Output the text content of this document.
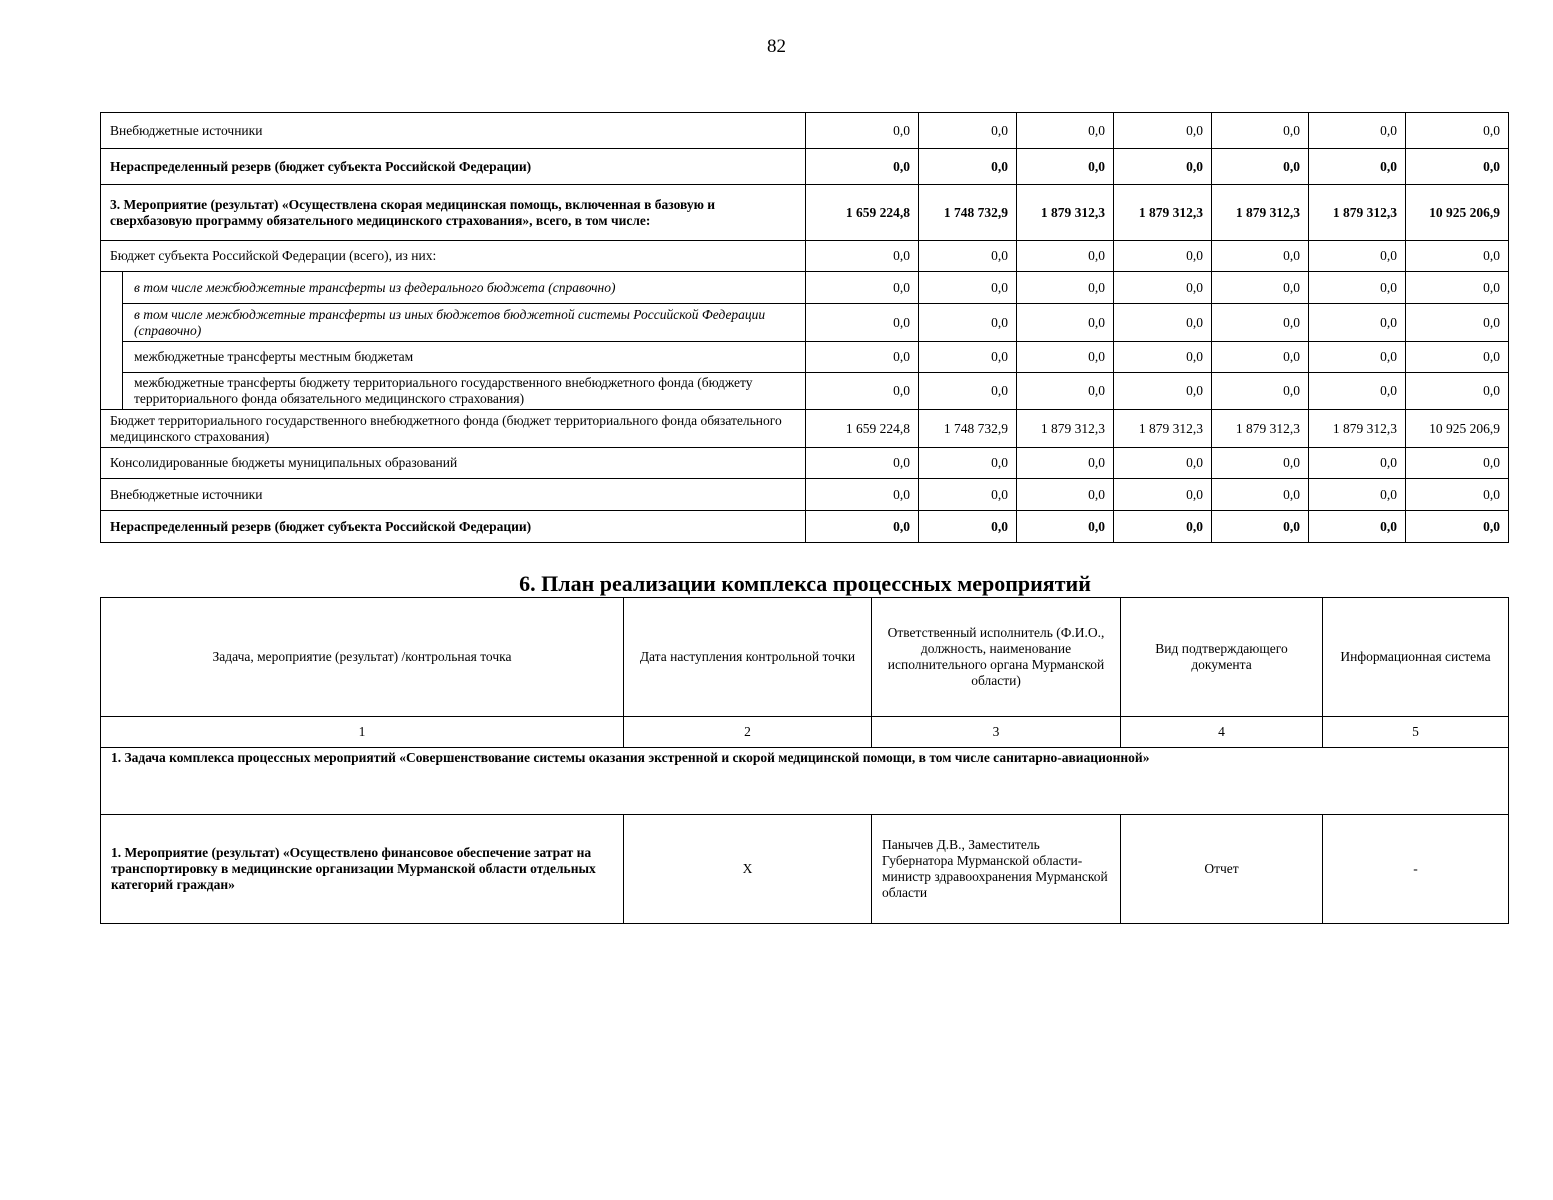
82
Внебюджетные источники		0,0	0,0	0,0	0,0	0,0	0,0	0,0
Нераспределенный резерв (бюджет субъекта Российской Федерации)		0,0	0,0	0,0	0,0	0,0	0,0	0,0
3. Мероприятие (результат) «Осуществлена скорая медицинская помощь, включенная в базовую и сверхбазовую программу обязательного медицинского страхования», всего, в том числе:		1 659 224,8	1 748 732,9	1 879 312,3	1 879 312,3	1 879 312,3	1 879 312,3	10 925 206,9
Бюджет субъекта Российской Федерации (всего), из них:		0,0	0,0	0,0	0,0	0,0	0,0	0,0
	в том числе межбюджетные трансферты из федерального бюджета (справочно)	0,0	0,0	0,0	0,0	0,0	0,0	0,0
	в том числе межбюджетные трансферты из иных бюджетов бюджетной системы Российской Федерации (справочно)	0,0	0,0	0,0	0,0	0,0	0,0	0,0
	межбюджетные трансферты местным бюджетам	0,0	0,0	0,0	0,0	0,0	0,0	0,0
	межбюджетные трансферты бюджету территориального государственного внебюджетного фонда (бюджету территориального фонда обязательного медицинского страхования)	0,0	0,0	0,0	0,0	0,0	0,0	0,0
Бюджет территориального государственного внебюджетного фонда (бюджет территориального фонда обязательного медицинского страхования)		1 659 224,8	1 748 732,9	1 879 312,3	1 879 312,3	1 879 312,3	1 879 312,3	10 925 206,9
Консолидированные бюджеты муниципальных образований		0,0	0,0	0,0	0,0	0,0	0,0	0,0
Внебюджетные источники		0,0	0,0	0,0	0,0	0,0	0,0	0,0
Нераспределенный резерв (бюджет субъекта Российской Федерации)		0,0	0,0	0,0	0,0	0,0	0,0	0,0
6. План реализации комплекса процессных мероприятий
Задача, мероприятие (результат) /контрольная точка	Дата наступления контрольной точки	Ответственный исполнитель (Ф.И.О., должность, наименование исполнительного органа Мурманской области)	Вид подтверждающего документа	Информационная система
1	2	3	4	5
1. Задача комплекса процессных мероприятий «Совершенствование системы оказания экстренной и скорой медицинской помощи, в том числе санитарно-авиационной»				
1. Мероприятие (результат) «Осуществлено финансовое обеспечение затрат на транспортировку в медицинские организации Мурманской области отдельных категорий граждан»	Х	Панычев Д.В., Заместитель Губернатора Мурманской области-министр здравоохранения Мурманской области	Отчет	-
